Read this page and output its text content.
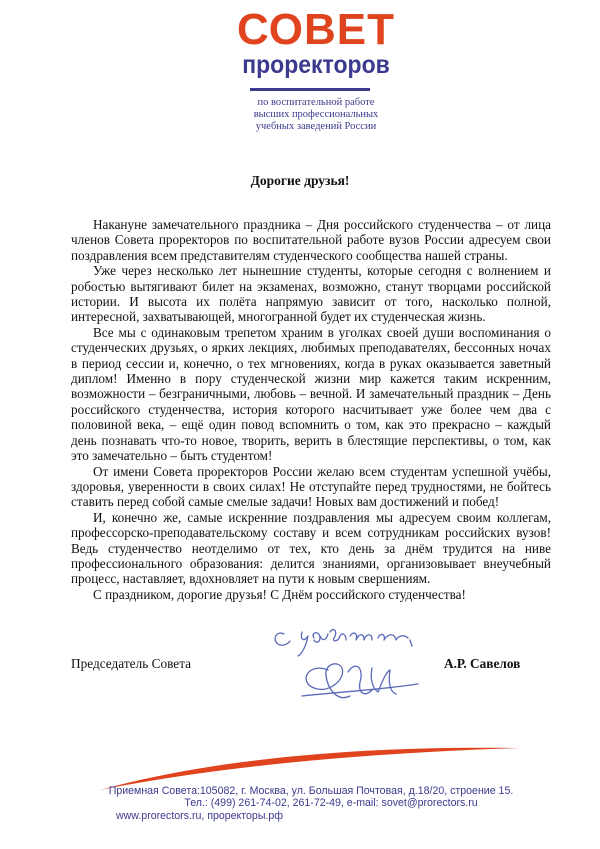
СОВЕТ
проректоров
по воспитательной работе
высших профессиональных
учебных заведений России
Дорогие друзья!

Накануне замечательного праздника – Дня российского студенчества – от лица членов Совета проректоров по воспитательной работе вузов России адресуем свои поздравления всем представителям студенческого сообщества нашей страны.

Уже через несколько лет нынешние студенты, которые сегодня с волнением и робостью вытягивают билет на экзаменах, возможно, станут творцами российской истории. И высота их полёта напрямую зависит от того, насколько полной, интересной, захватывающей, многогранной будет их студенческая жизнь.

Все мы с одинаковым трепетом храним в уголках своей души воспоминания о студенческих друзьях, о ярких лекциях, любимых преподавателях, бессонных ночах в период сессии и, конечно, о тех мгновениях, когда в руках оказывается заветный диплом! Именно в пору студенческой жизни мир кажется таким искренним, возможности – безграничными, любовь – вечной. И замечательный праздник – День российского студенчества, история которого насчитывает уже более чем два с половиной века, – ещё один повод вспомнить о том, как это прекрасно – каждый день познавать что-то новое, творить, верить в блестящие перспективы, о том, как это замечательно – быть студентом!

От имени Совета проректоров России желаю всем студентам успешной учёбы, здоровья, уверенности в своих силах! Не отступайте перед трудностями, не бойтесь ставить перед собой самые смелые задачи! Новых вам достижений и побед!

И, конечно же, самые искренние поздравления мы адресуем своим коллегам, профессорско-преподавательскому составу и всем сотрудникам российских вузов! Ведь студенчество неотделимо от тех, кто день за днём трудится на ниве профессионального образования: делится знаниями, организовывает внеучебный процесс, наставляет, вдохновляет на пути к новым свершениям.

С праздником, дорогие друзья! С Днём российского студенчества!

Председатель Совета	А.Р. Савелов
Приемная Совета:105082, г. Москва, ул. Большая Почтовая, д.18/20, строение 15.
Тел.: (499) 261-74-02, 261-72-49, e-mail: sovet@prorectors.ru
www.prorectors.ru, проректоры.рф
